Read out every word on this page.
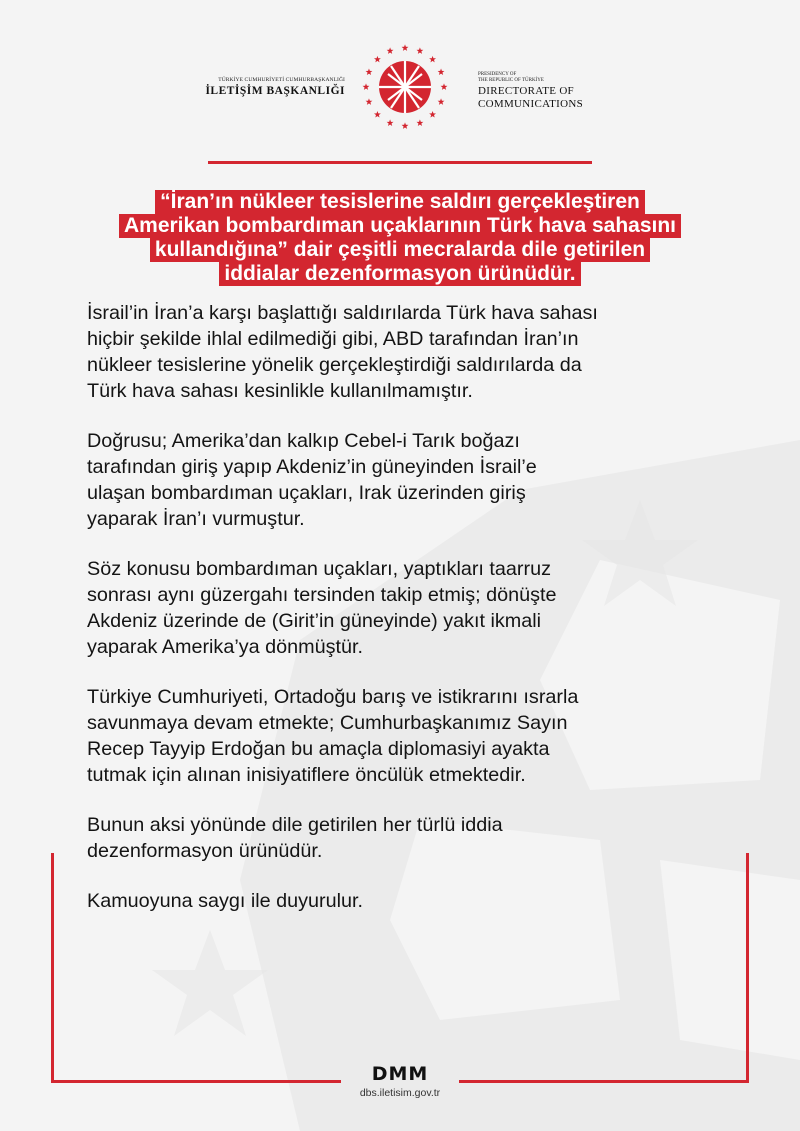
TÜRKİYE CUMHURİYETİ CUMHURBAŞKANLIĞI
İLETİŞİM BAŞKANLIĞI
PRESIDENCY OF
THE REPUBLIC OF TÜRKİYE
DIRECTORATE OF
COMMUNICATIONS
“İran’ın nükleer tesislerine saldırı gerçekleştiren
Amerikan bombardıman uçaklarının Türk hava sahasını
kullandığına” dair çeşitli mecralarda dile getirilen
iddialar dezenformasyon ürünüdür.

İsrail’in İran’a karşı başlattığı saldırılarda Türk hava sahası
hiçbir şekilde ihlal edilmediği gibi, ABD tarafından İran’ın
nükleer tesislerine yönelik gerçekleştirdiği saldırılarda da
Türk hava sahası kesinlikle kullanılmamıştır.

Doğrusu; Amerika’dan kalkıp Cebel-i Tarık boğazı
tarafından giriş yapıp Akdeniz’in güneyinden İsrail’e
ulaşan bombardıman uçakları, Irak üzerinden giriş
yaparak İran’ı vurmuştur.

Söz konusu bombardıman uçakları, yaptıkları taarruz
sonrası aynı güzergahı tersinden takip etmiş; dönüşte
Akdeniz üzerinde de (Girit’in güneyinde) yakıt ikmali
yaparak Amerika’ya dönmüştür.

Türkiye Cumhuriyeti, Ortadoğu barış ve istikrarını ısrarla
savunmaya devam etmekte; Cumhurbaşkanımız Sayın
Recep Tayyip Erdoğan bu amaçla diplomasiyi ayakta
tutmak için alınan inisiyatiflere öncülük etmektedir.

Bunun aksi yönünde dile getirilen her türlü iddia
dezenformasyon ürünüdür.

Kamuoyuna saygı ile duyurulur.

DMM
dbs.iletisim.gov.tr
